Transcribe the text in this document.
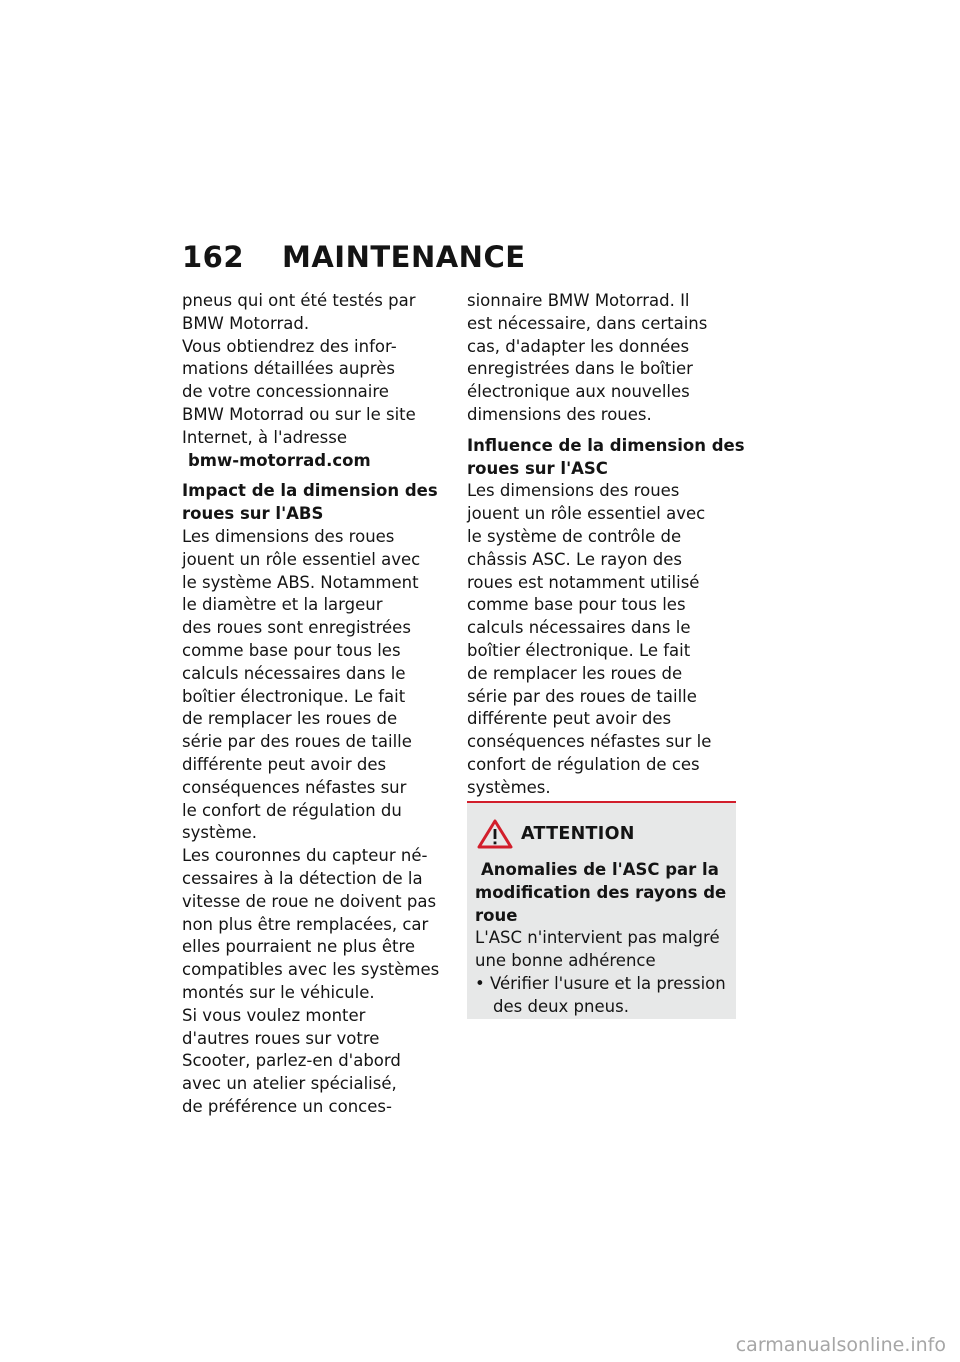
162	MAINTENANCE
pneus qui ont été testés par
BMW Motorrad.
Vous obtiendrez des infor-
mations détaillées auprès
de votre concessionnaire
BMW Motorrad ou sur le site
Internet, à l'adresse
bmw-motorrad.com
Impact de la dimension des
roues sur l'ABS
Les dimensions des roues
jouent un rôle essentiel avec
le système ABS. Notamment
le diamètre et la largeur
des roues sont enregistrées
comme base pour tous les
calculs nécessaires dans le
boîtier électronique. Le fait
de remplacer les roues de
série par des roues de taille
différente peut avoir des
conséquences néfastes sur
le confort de régulation du
système.
Les couronnes du capteur né-
cessaires à la détection de la
vitesse de roue ne doivent pas
non plus être remplacées, car
elles pourraient ne plus être
compatibles avec les systèmes
montés sur le véhicule.
Si vous voulez monter
d'autres roues sur votre
Scooter, parlez-en d'abord
avec un atelier spécialisé,
de préférence un conces-
sionnaire BMW Motorrad. Il
est nécessaire, dans certains
cas, d'adapter les données
enregistrées dans le boîtier
électronique aux nouvelles
dimensions des roues.
Influence de la dimension des
roues sur l'ASC
Les dimensions des roues
jouent un rôle essentiel avec
le système de contrôle de
châssis ASC. Le rayon des
roues est notamment utilisé
comme base pour tous les
calculs nécessaires dans le
boîtier électronique. Le fait
de remplacer les roues de
série par des roues de taille
différente peut avoir des
conséquences néfastes sur le
confort de régulation de ces
systèmes.
ATTENTION
Anomalies de l'ASC par la
modification des rayons de
roue
L'ASC n'intervient pas malgré
une bonne adhérence
• Vérifier l'usure et la pression
des deux pneus.
carmanualsonline.info
